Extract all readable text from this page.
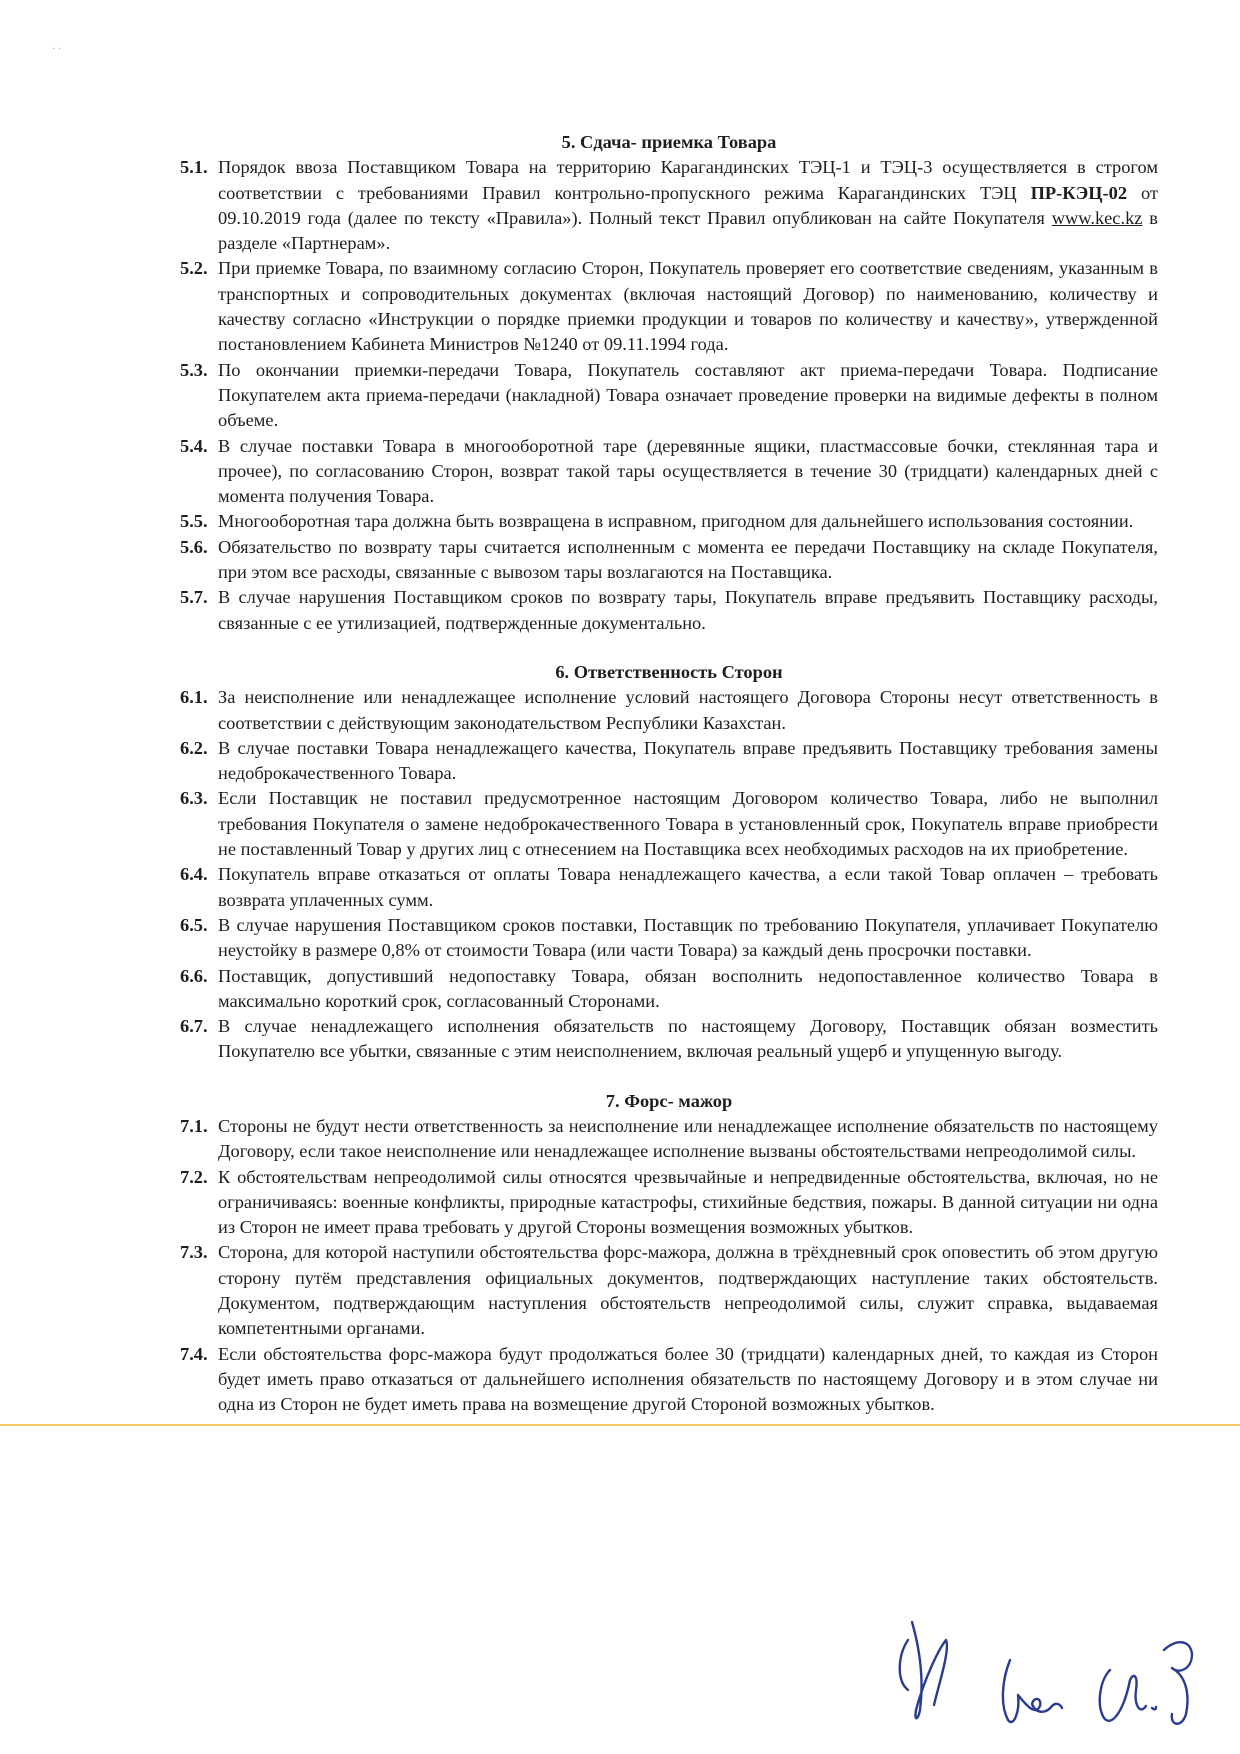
· ·
5. Сдача- приемка Товара
5.1. Порядок ввоза Поставщиком Товара на территорию Карагандинских ТЭЦ-1 и ТЭЦ-3 осуществляется в строгом соответствии с требованиями Правил контрольно-пропускного режима Карагандинских ТЭЦ ПР-КЭЦ-02 от 09.10.2019 года (далее по тексту «Правила»). Полный текст Правил опубликован на сайте Покупателя www.kec.kz в разделе «Партнерам».
5.2. При приемке Товара, по взаимному согласию Сторон, Покупатель проверяет его соответствие сведениям, указанным в транспортных и сопроводительных документах (включая настоящий Договор) по наименованию, количеству и качеству согласно «Инструкции о порядке приемки продукции и товаров по количеству и качеству», утвержденной постановлением Кабинета Министров №1240 от 09.11.1994 года.
5.3. По окончании приемки-передачи Товара, Покупатель составляют акт приема-передачи Товара. Подписание Покупателем акта приема-передачи (накладной) Товара означает проведение проверки на видимые дефекты в полном объеме.
5.4. В случае поставки Товара в многооборотной таре (деревянные ящики, пластмассовые бочки, стеклянная тара и прочее), по согласованию Сторон, возврат такой тары осуществляется в течение 30 (тридцати) календарных дней с момента получения Товара.
5.5. Многооборотная тара должна быть возвращена в исправном, пригодном для дальнейшего использования состоянии.
5.6. Обязательство по возврату тары считается исполненным с момента ее передачи Поставщику на складе Покупателя, при этом все расходы, связанные с вывозом тары возлагаются на Поставщика.
5.7. В случае нарушения Поставщиком сроков по возврату тары, Покупатель вправе предъявить Поставщику расходы, связанные с ее утилизацией, подтвержденные документально.
6. Ответственность Сторон
6.1. За неисполнение или ненадлежащее исполнение условий настоящего Договора Стороны несут ответственность в соответствии с действующим законодательством Республики Казахстан.
6.2. В случае поставки Товара ненадлежащего качества, Покупатель вправе предъявить Поставщику требования замены недоброкачественного Товара.
6.3. Если Поставщик не поставил предусмотренное настоящим Договором количество Товара, либо не выполнил требования Покупателя о замене недоброкачественного Товара в установленный срок, Покупатель вправе приобрести не поставленный Товар у других лиц с отнесением на Поставщика всех необходимых расходов на их приобретение.
6.4. Покупатель вправе отказаться от оплаты Товара ненадлежащего качества, а если такой Товар оплачен – требовать возврата уплаченных сумм.
6.5. В случае нарушения Поставщиком сроков поставки, Поставщик по требованию Покупателя, уплачивает Покупателю неустойку в размере 0,8% от стоимости Товара (или части Товара) за каждый день просрочки поставки.
6.6. Поставщик, допустивший недопоставку Товара, обязан восполнить недопоставленное количество Товара в максимально короткий срок, согласованный Сторонами.
6.7. В случае ненадлежащего исполнения обязательств по настоящему Договору, Поставщик обязан возместить Покупателю все убытки, связанные с этим неисполнением, включая реальный ущерб и упущенную выгоду.
7. Форс- мажор
7.1. Стороны не будут нести ответственность за неисполнение или ненадлежащее исполнение обязательств по настоящему Договору, если такое неисполнение или ненадлежащее исполнение вызваны обстоятельствами непреодолимой силы.
7.2. К обстоятельствам непреодолимой силы относятся чрезвычайные и непредвиденные обстоятельства, включая, но не ограничиваясь: военные конфликты, природные катастрофы, стихийные бедствия, пожары. В данной ситуации ни одна из Сторон не имеет права требовать у другой Стороны возмещения возможных убытков.
7.3. Сторона, для которой наступили обстоятельства форс-мажора, должна в трёхдневный срок оповестить об этом другую сторону путём представления официальных документов, подтверждающих наступление таких обстоятельств. Документом, подтверждающим наступления обстоятельств непреодолимой силы, служит справка, выдаваемая компетентными органами.
7.4. Если обстоятельства форс-мажора будут продолжаться более 30 (тридцати) календарных дней, то каждая из Сторон будет иметь право отказаться от дальнейшего исполнения обязательств по настоящему Договору и в этом случае ни одна из Сторон не будет иметь права на возмещение другой Стороной возможных убытков.
